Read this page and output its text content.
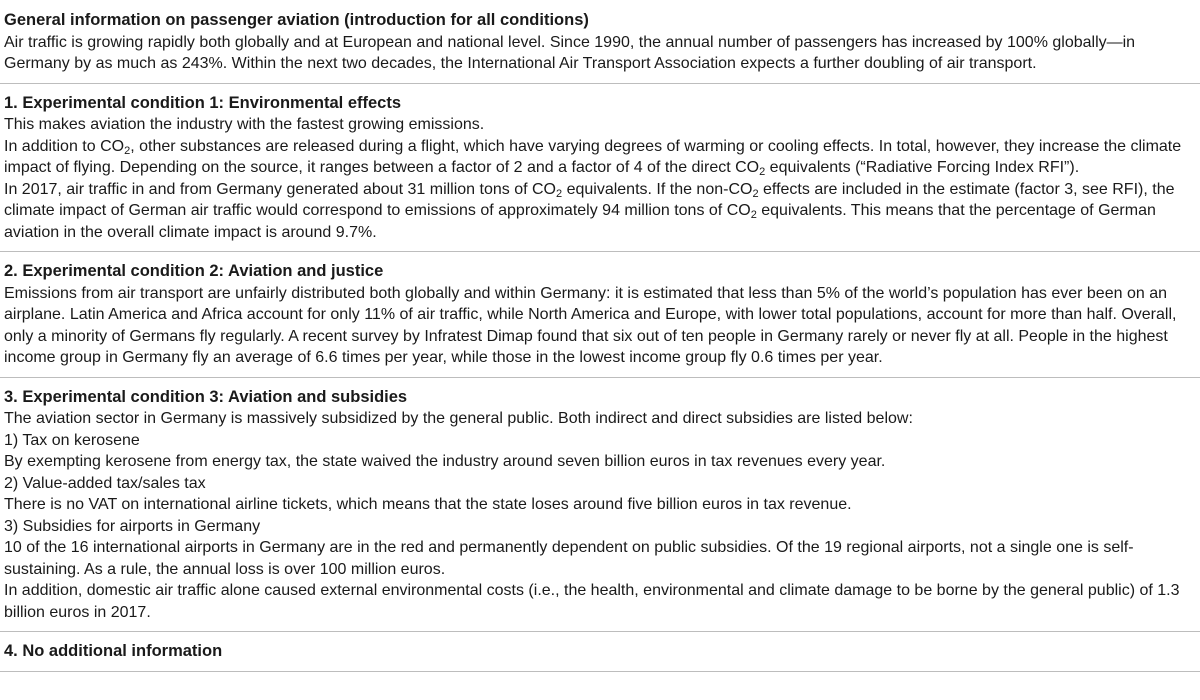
General information on passenger aviation (introduction for all conditions)

Air traffic is growing rapidly both globally and at European and national level. Since 1990, the annual number of passengers has increased by 100% globally—in Germany by as much as 243%. Within the next two decades, the International Air Transport Association expects a further doubling of air transport.

1. Experimental condition 1: Environmental effects

This makes aviation the industry with the fastest growing emissions.

In addition to $CO_2$, other substances are released during a flight, which have varying degrees of warming or cooling effects. In total, however, they increase the climate impact of flying. Depending on the source, it ranges between a factor of 2 and a factor of 4 of the direct $CO_2$ equivalents (“Radiative Forcing Index RFI”).

In 2017, air traffic in and from Germany generated about 31 million tons of $CO_2$ equivalents. If the non-$CO_2$ effects are included in the estimate (factor 3, see RFI), the climate impact of German air traffic would correspond to emissions of approximately 94 million tons of $CO_2$ equivalents. This means that the percentage of German aviation in the overall climate impact is around 9.7%.

2. Experimental condition 2: Aviation and justice

Emissions from air transport are unfairly distributed both globally and within Germany: it is estimated that less than 5% of the world’s population has ever been on an airplane. Latin America and Africa account for only 11% of air traffic, while North America and Europe, with lower total populations, account for more than half. Overall, only a minority of Germans fly regularly. A recent survey by Infratest Dimap found that six out of ten people in Germany rarely or never fly at all. People in the highest income group in Germany fly an average of 6.6 times per year, while those in the lowest income group fly 0.6 times per year.

3. Experimental condition 3: Aviation and subsidies

The aviation sector in Germany is massively subsidized by the general public. Both indirect and direct subsidies are listed below:

1) Tax on kerosene

By exempting kerosene from energy tax, the state waived the industry around seven billion euros in tax revenues every year.

2) Value-added tax/sales tax

There is no VAT on international airline tickets, which means that the state loses around five billion euros in tax revenue.

3) Subsidies for airports in Germany

10 of the 16 international airports in Germany are in the red and permanently dependent on public subsidies. Of the 19 regional airports, not a single one is self-sustaining. As a rule, the annual loss is over 100 million euros.

In addition, domestic air traffic alone caused external environmental costs (i.e., the health, environmental and climate damage to be borne by the general public) of 1.3 billion euros in 2017.

4. No additional information
